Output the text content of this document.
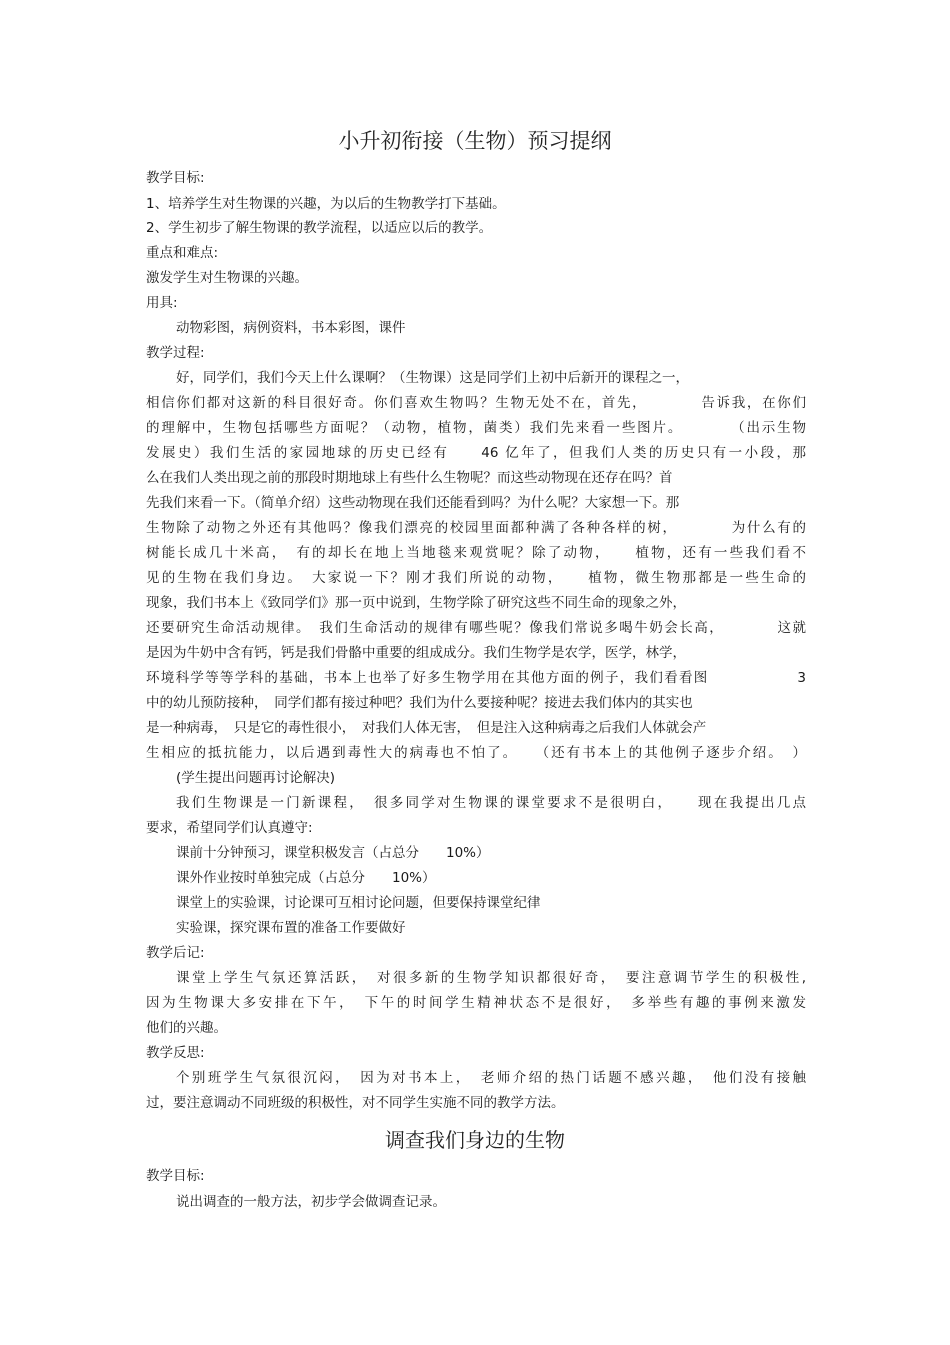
小升初衔接（生物）预习提纲

教学目标:

1、培养学生对生物课的兴趣，为以后的生物教学打下基础。

2、学生初步了解生物课的教学流程，以适应以后的教学。

重点和难点:

激发学生对生物课的兴趣。

用具:

动物彩图，病例资料，书本彩图，课件

教学过程:

好，同学们，我们今天上什么课啊？（生物课）这是同学们上初中后新开的课程之一，

相信你们都对这新的科目很好奇。你们喜欢生物吗？生物无处不在，首先，　　　　告诉我，在你们

的理解中，生物包括哪些方面呢？（动物，植物，菌类）我们先来看一些图片。　　　　（出示生物

发展史）我们生活的家园地球的历史已经有　　46 亿年了，但我们人类的历史只有一小段，那

么在我们人类出现之前的那段时期地球上有些什么生物呢？而这些动物现在还存在吗？首

先我们来看一下。（简单介绍）这些动物现在我们还能看到吗？为什么呢？大家想一下。那

生物除了动物之外还有其他吗？像我们漂亮的校园里面都种满了各种各样的树，　　　　为什么有的

树能长成几十米高，　有的却长在地上当地毯来观赏呢？除了动物，　　植物，还有一些我们看不

见的生物在我们身边。　大家说一下？刚才我们所说的动物，　　植物，微生物那都是一些生命的

现象，我们书本上《致同学们》那一页中说到，生物学除了研究这些不同生命的现象之外，

还要研究生命活动规律。　我们生命活动的规律有哪些呢？像我们常说多喝牛奶会长高，　　　　这就

是因为牛奶中含有钙，钙是我们骨骼中重要的组成成分。我们生物学是农学，医学，林学，

环境科学等等学科的基础，书本上也举了好多生物学用在其他方面的例子，我们看看图　　　　　　3

中的幼儿预防接种，　同学们都有接过种吧？我们为什么要接种呢？接进去我们体内的其实也

是一种病毒，　只是它的毒性很小，　对我们人体无害，　但是注入这种病毒之后我们人体就会产

生相应的抵抗能力，以后遇到毒性大的病毒也不怕了。　　（还有书本上的其他例子逐步介绍。　）

(学生提出问题再讨论解决)

我们生物课是一门新课程，　很多同学对生物课的课堂要求不是很明白，　　现在我提出几点

要求，希望同学们认真遵守:

课前十分钟预习，课堂积极发言（占总分　　10%）

课外作业按时单独完成（占总分　　10%）

课堂上的实验课，讨论课可互相讨论问题，但要保持课堂纪律

实验课，探究课布置的准备工作要做好

教学后记:

课堂上学生气氛还算活跃，　对很多新的生物学知识都很好奇，　要注意调节学生的积极性,

因为生物课大多安排在下午，　下午的时间学生精神状态不是很好，　多举些有趣的事例来激发

他们的兴趣。

教学反思:

个别班学生气氛很沉闷，　因为对书本上，　老师介绍的热门话题不感兴趣，　他们没有接触

过，要注意调动不同班级的积极性，对不同学生实施不同的教学方法。

调查我们身边的生物

教学目标:

说出调查的一般方法，初步学会做调查记录。
